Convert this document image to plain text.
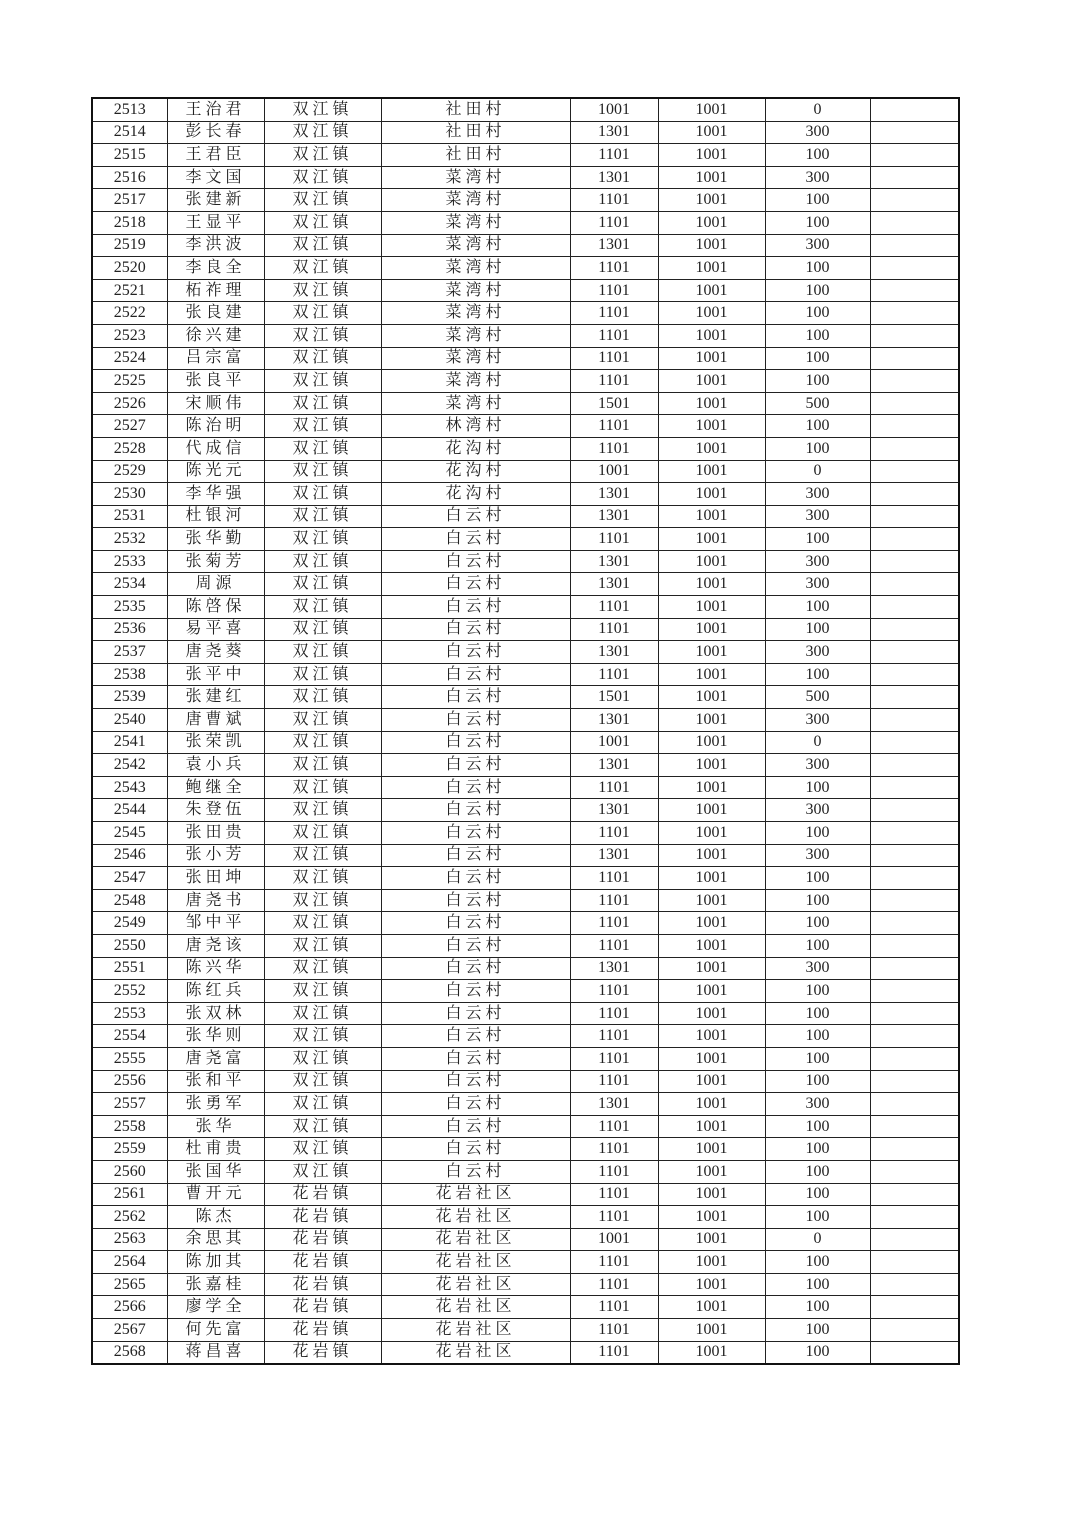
2513	王治君	双江镇	社田村	1001	1001	0	
2514	彭长春	双江镇	社田村	1301	1001	300	
2515	王君臣	双江镇	社田村	1101	1001	100	
2516	李文国	双江镇	菜湾村	1301	1001	300	
2517	张建新	双江镇	菜湾村	1101	1001	100	
2518	王显平	双江镇	菜湾村	1101	1001	100	
2519	李洪波	双江镇	菜湾村	1301	1001	300	
2520	李良全	双江镇	菜湾村	1101	1001	100	
2521	柘祚理	双江镇	菜湾村	1101	1001	100	
2522	张良建	双江镇	菜湾村	1101	1001	100	
2523	徐兴建	双江镇	菜湾村	1101	1001	100	
2524	吕宗富	双江镇	菜湾村	1101	1001	100	
2525	张良平	双江镇	菜湾村	1101	1001	100	
2526	宋顺伟	双江镇	菜湾村	1501	1001	500	
2527	陈治明	双江镇	林湾村	1101	1001	100	
2528	代成信	双江镇	花沟村	1101	1001	100	
2529	陈光元	双江镇	花沟村	1001	1001	0	
2530	李华强	双江镇	花沟村	1301	1001	300	
2531	杜银河	双江镇	白云村	1301	1001	300	
2532	张华勤	双江镇	白云村	1101	1001	100	
2533	张菊芳	双江镇	白云村	1301	1001	300	
2534	周源	双江镇	白云村	1301	1001	300	
2535	陈啓保	双江镇	白云村	1101	1001	100	
2536	易平喜	双江镇	白云村	1101	1001	100	
2537	唐尧葵	双江镇	白云村	1301	1001	300	
2538	张平中	双江镇	白云村	1101	1001	100	
2539	张建红	双江镇	白云村	1501	1001	500	
2540	唐曹斌	双江镇	白云村	1301	1001	300	
2541	张荣凯	双江镇	白云村	1001	1001	0	
2542	袁小兵	双江镇	白云村	1301	1001	300	
2543	鲍继全	双江镇	白云村	1101	1001	100	
2544	朱登伍	双江镇	白云村	1301	1001	300	
2545	张田贵	双江镇	白云村	1101	1001	100	
2546	张小芳	双江镇	白云村	1301	1001	300	
2547	张田坤	双江镇	白云村	1101	1001	100	
2548	唐尧书	双江镇	白云村	1101	1001	100	
2549	邹中平	双江镇	白云村	1101	1001	100	
2550	唐尧该	双江镇	白云村	1101	1001	100	
2551	陈兴华	双江镇	白云村	1301	1001	300	
2552	陈红兵	双江镇	白云村	1101	1001	100	
2553	张双林	双江镇	白云村	1101	1001	100	
2554	张华则	双江镇	白云村	1101	1001	100	
2555	唐尧富	双江镇	白云村	1101	1001	100	
2556	张和平	双江镇	白云村	1101	1001	100	
2557	张勇军	双江镇	白云村	1301	1001	300	
2558	张华	双江镇	白云村	1101	1001	100	
2559	杜甫贵	双江镇	白云村	1101	1001	100	
2560	张国华	双江镇	白云村	1101	1001	100	
2561	曹开元	花岩镇	花岩社区	1101	1001	100	
2562	陈杰	花岩镇	花岩社区	1101	1001	100	
2563	余思其	花岩镇	花岩社区	1001	1001	0	
2564	陈加其	花岩镇	花岩社区	1101	1001	100	
2565	张嘉桂	花岩镇	花岩社区	1101	1001	100	
2566	廖学全	花岩镇	花岩社区	1101	1001	100	
2567	何先富	花岩镇	花岩社区	1101	1001	100	
2568	蒋昌喜	花岩镇	花岩社区	1101	1001	100	
